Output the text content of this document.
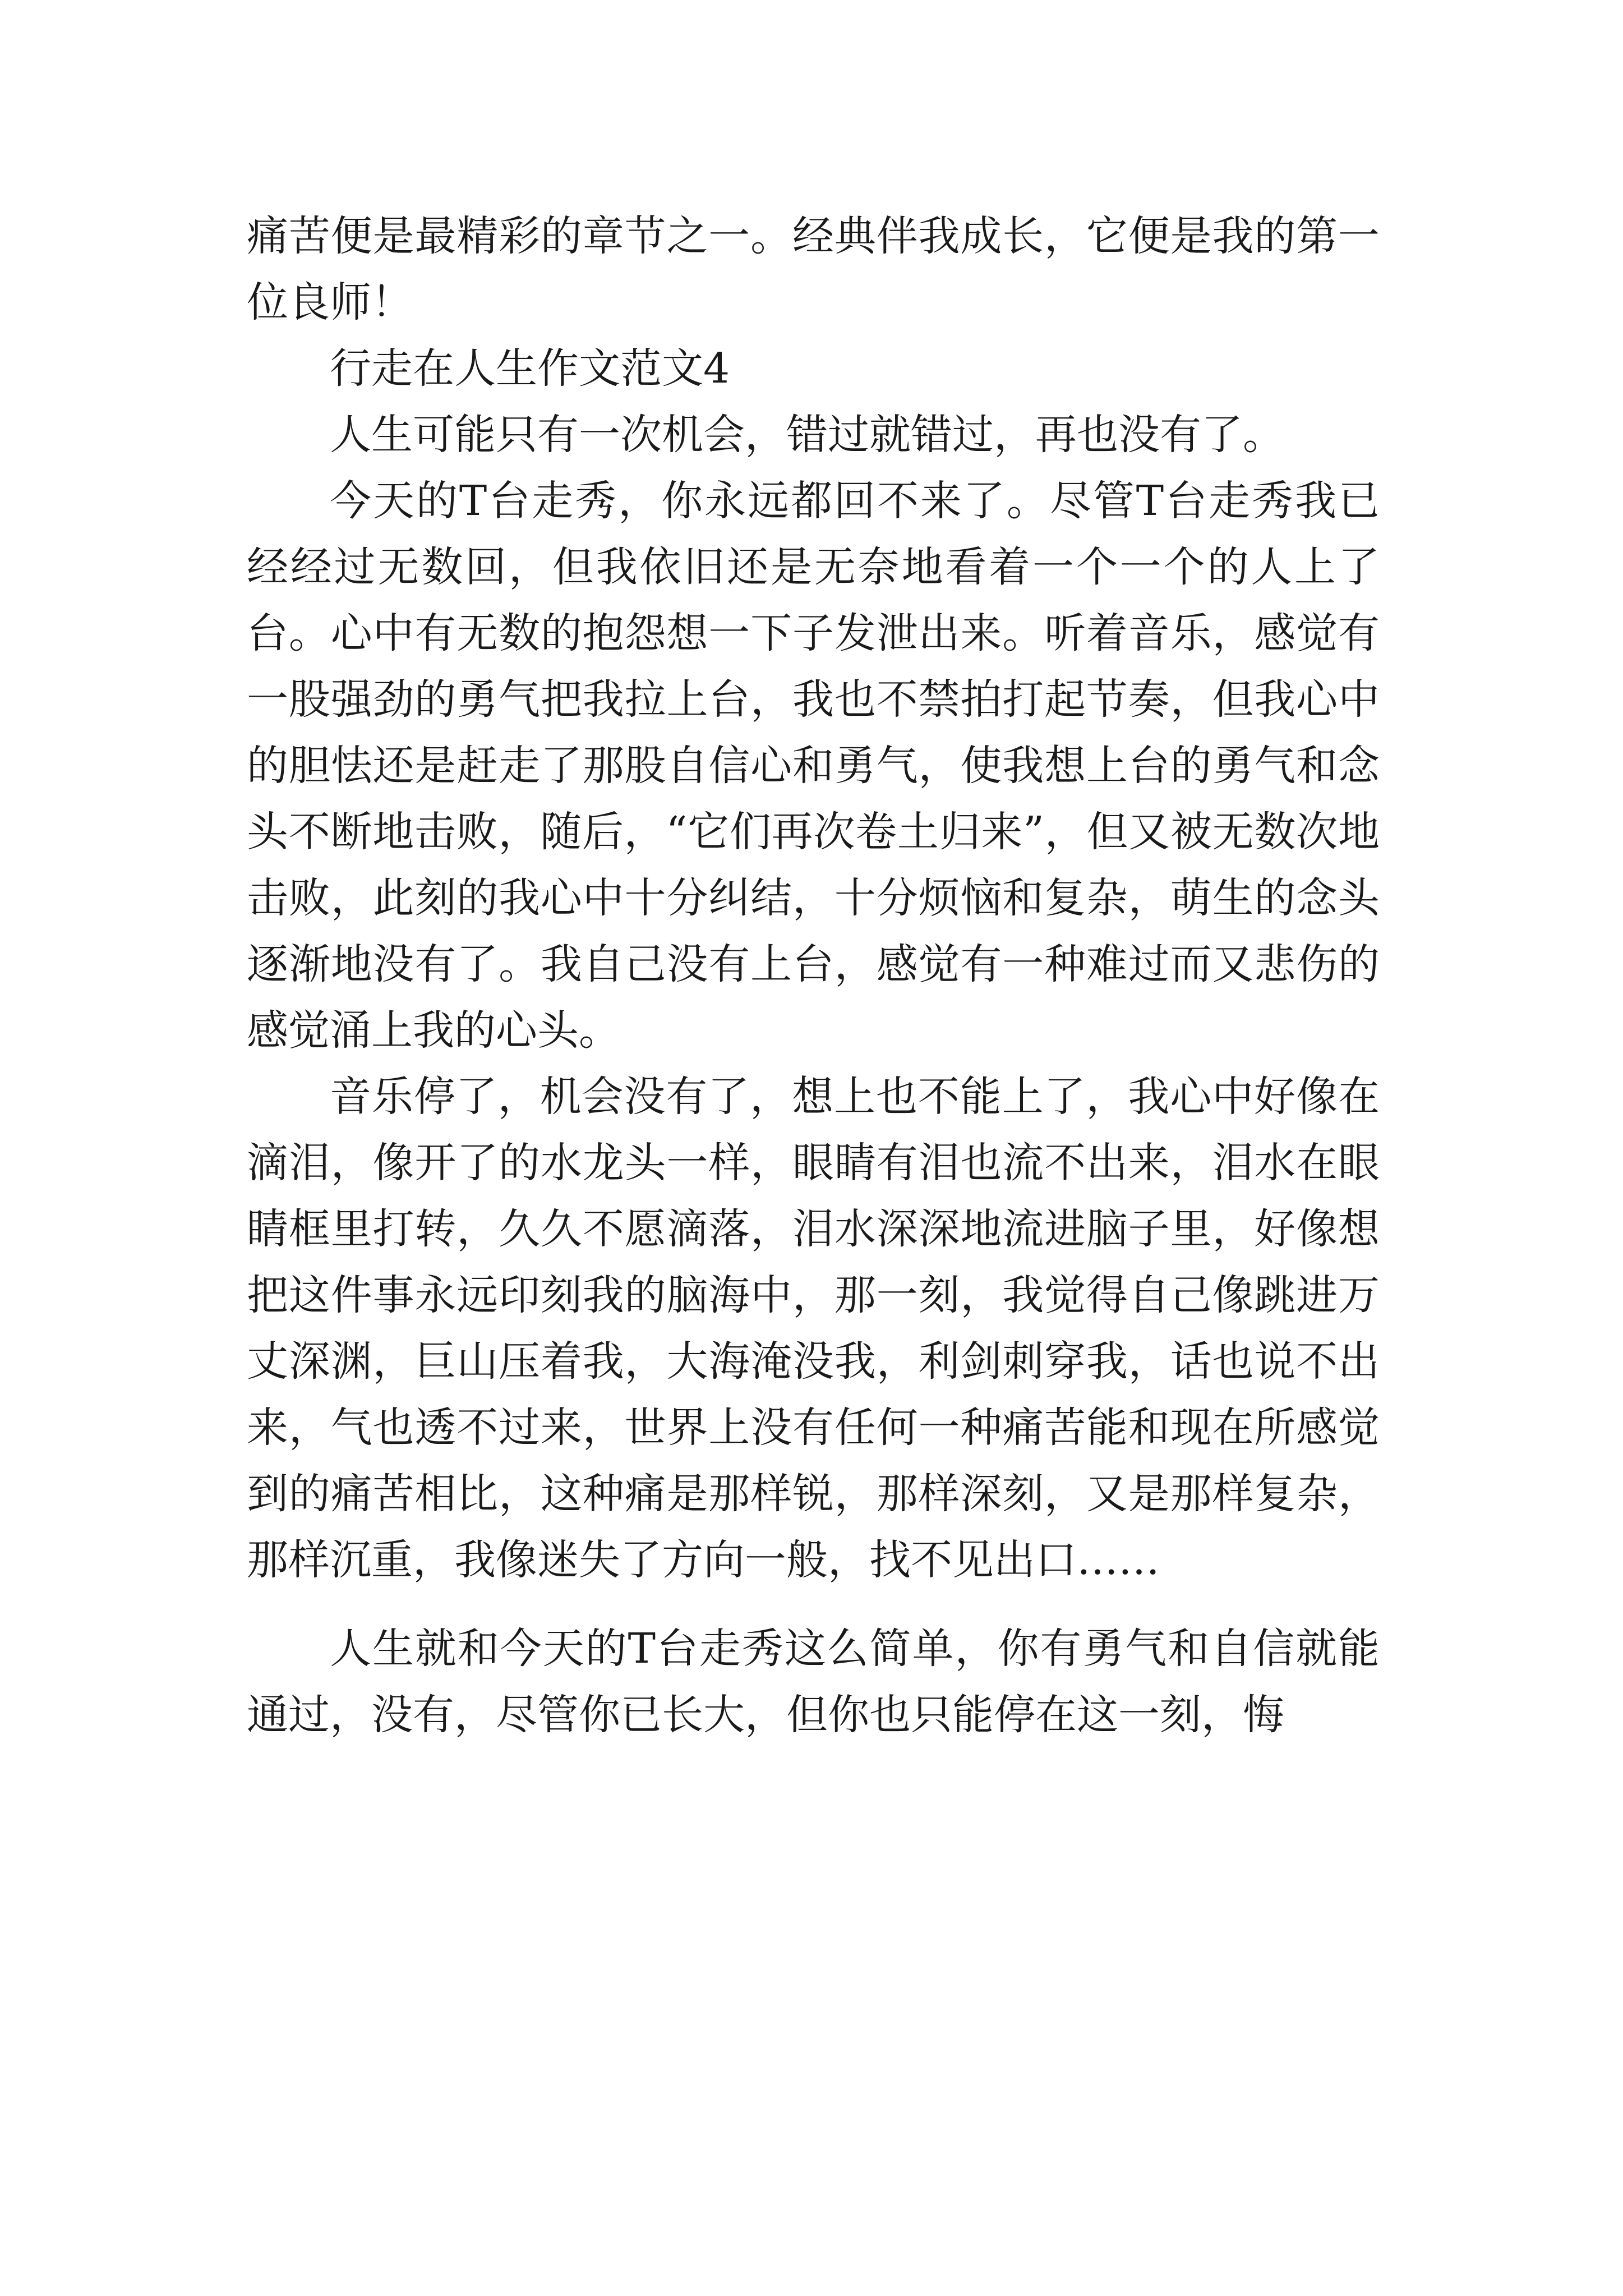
痛苦便是最精彩的章节之一。经典伴我成长，它便是我的第一位良师！

行走在人生作文范文4

人生可能只有一次机会，错过就错过，再也没有了。

今天的T台走秀，你永远都回不来了。尽管T台走秀我已经经过无数回，但我依旧还是无奈地看着一个一个的人上了台。心中有无数的抱怨想一下子发泄出来。听着音乐，感觉有一股强劲的勇气把我拉上台，我也不禁拍打起节奏，但我心中的胆怯还是赶走了那股自信心和勇气，使我想上台的勇气和念头不断地击败，随后，“它们再次卷土归来”，但又被无数次地击败，此刻的我心中十分纠结，十分烦恼和复杂，萌生的念头逐渐地没有了。我自己没有上台，感觉有一种难过而又悲伤的感觉涌上我的心头。

音乐停了，机会没有了，想上也不能上了，我心中好像在滴泪，像开了的水龙头一样，眼睛有泪也流不出来，泪水在眼睛框里打转，久久不愿滴落，泪水深深地流进脑子里，好像想把这件事永远印刻我的脑海中，那一刻，我觉得自己像跳进万丈深渊，巨山压着我，大海淹没我，利剑刺穿我，话也说不出来，气也透不过来，世界上没有任何一种痛苦能和现在所感觉到的痛苦相比，这种痛是那样锐，那样深刻，又是那样复杂，那样沉重，我像迷失了方向一般，找不见出口……

人生就和今天的T台走秀这么简单，你有勇气和自信就能通过，没有，尽管你已长大，但你也只能停在这一刻，悔
